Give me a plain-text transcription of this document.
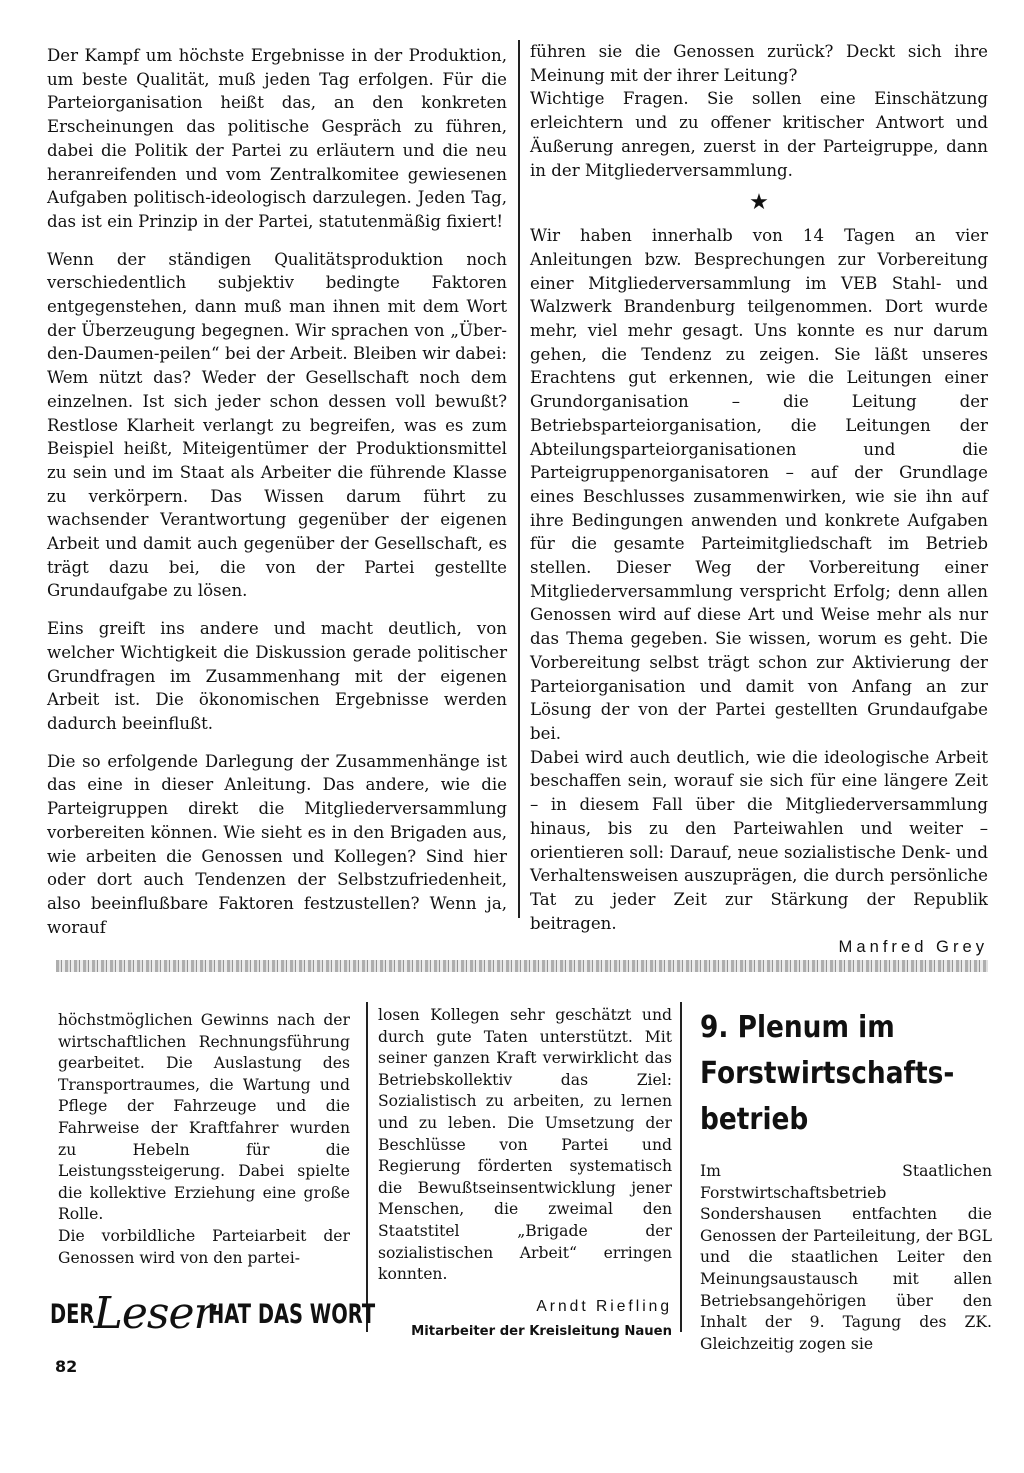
Der Kampf um höchste Ergebnisse in der Produktion, um beste Qualität, muß jeden Tag erfolgen. Für die Parteiorganisation heißt das, an den konkreten Erscheinungen das politische Gespräch zu führen, dabei die Politik der Partei zu erläutern und die neu heranreifenden und vom Zentralkomitee gewiesenen Aufgaben politisch-ideologisch darzulegen. Jeden Tag, das ist ein Prinzip in der Partei, statutenmäßig fixiert!

Wenn der ständigen Qualitätsproduktion noch verschiedentlich subjektiv bedingte Faktoren entgegenstehen, dann muß man ihnen mit dem Wort der Überzeugung begegnen. Wir sprachen von „Über-den-Daumen-peilen“ bei der Arbeit. Bleiben wir dabei: Wem nützt das? Weder der Gesellschaft noch dem einzelnen. Ist sich jeder schon dessen voll bewußt? Restlose Klarheit verlangt zu begreifen, was es zum Beispiel heißt, Miteigentümer der Produktionsmittel zu sein und im Staat als Arbeiter die führende Klasse zu verkörpern. Das Wissen darum führt zu wachsender Verantwortung gegenüber der eigenen Arbeit und damit auch gegenüber der Gesellschaft, es trägt dazu bei, die von der Partei gestellte Grundaufgabe zu lösen.

Eins greift ins andere und macht deutlich, von welcher Wichtigkeit die Diskussion gerade politischer Grundfragen im Zusammenhang mit der eigenen Arbeit ist. Die ökonomischen Ergebnisse werden dadurch beeinflußt.

Die so erfolgende Darlegung der Zusammenhänge ist das eine in dieser Anleitung. Das andere, wie die Parteigruppen direkt die Mitgliederversammlung vorbereiten können. Wie sieht es in den Brigaden aus, wie arbeiten die Genossen und Kollegen? Sind hier oder dort auch Tendenzen der Selbstzufriedenheit, also beeinflußbare Faktoren festzustellen? Wenn ja, worauf

führen sie die Genossen zurück? Deckt sich ihre Meinung mit der ihrer Leitung?

Wichtige Fragen. Sie sollen eine Einschätzung erleichtern und zu offener kritischer Antwort und Äußerung anregen, zuerst in der Parteigruppe, dann in der Mitgliederversammlung.

★

Wir haben innerhalb von 14 Tagen an vier Anleitungen bzw. Besprechungen zur Vorbereitung einer Mitgliederversammlung im VEB Stahl- und Walzwerk Brandenburg teilgenommen. Dort wurde mehr, viel mehr gesagt. Uns konnte es nur darum gehen, die Tendenz zu zeigen. Sie läßt unseres Erachtens gut erkennen, wie die Leitungen einer Grundorganisation – die Leitung der Betriebsparteiorganisation, die Leitungen der Abteilungsparteiorganisationen und die Parteigruppenorganisatoren – auf der Grundlage eines Beschlusses zusammenwirken, wie sie ihn auf ihre Bedingungen anwenden und konkrete Aufgaben für die gesamte Parteimitgliedschaft im Betrieb stellen. Dieser Weg der Vorbereitung einer Mitgliederversammlung verspricht Erfolg; denn allen Genossen wird auf diese Art und Weise mehr als nur das Thema gegeben. Sie wissen, worum es geht. Die Vorbereitung selbst trägt schon zur Aktivierung der Parteiorganisation und damit von Anfang an zur Lösung der von der Partei gestellten Grundaufgabe bei.

Dabei wird auch deutlich, wie die ideologische Arbeit beschaffen sein, worauf sie sich für eine längere Zeit – in diesem Fall über die Mitgliederversammlung hinaus, bis zu den Parteiwahlen und weiter – orientieren soll: Darauf, neue sozialistische Denk- und Verhaltensweisen auszuprägen, die durch persönliche Tat zu jeder Zeit zur Stärkung der Republik beitragen.

Manfred Grey

höchstmöglichen Gewinns nach der wirtschaftlichen Rechnungsführung gearbeitet. Die Auslastung des Transportraumes, die Wartung und Pflege der Fahrzeuge und die Fahrweise der Kraftfahrer wurden zu Hebeln für die Leistungssteigerung. Dabei spielte die kollektive Erziehung eine große Rolle.

Die vorbildliche Parteiarbeit der Genossen wird von den partei-

losen Kollegen sehr geschätzt und durch gute Taten unterstützt. Mit seiner ganzen Kraft verwirklicht das Betriebskollektiv das Ziel: Sozialistisch zu arbeiten, zu lernen und zu leben. Die Umsetzung der Beschlüsse von Partei und Regierung förderten systematisch die Bewußtseinsentwicklung jener Menschen, die zweimal den Staatstitel „Brigade der sozialistischen Arbeit“ erringen konnten.

Arndt Riefling
Mitarbeiter der Kreisleitung Nauen
9. Plenum im Forstwirtschafts-betrieb

Im Staatlichen Forstwirtschaftsbetrieb Sondershausen entfachten die Genossen der Parteileitung, der BGL und die staatlichen Leiter den Meinungsaustausch mit allen Betriebsangehörigen über den Inhalt der 9. Tagung des ZK. Gleichzeitig zogen sie

DER Leser
HAT DAS WORT
82
